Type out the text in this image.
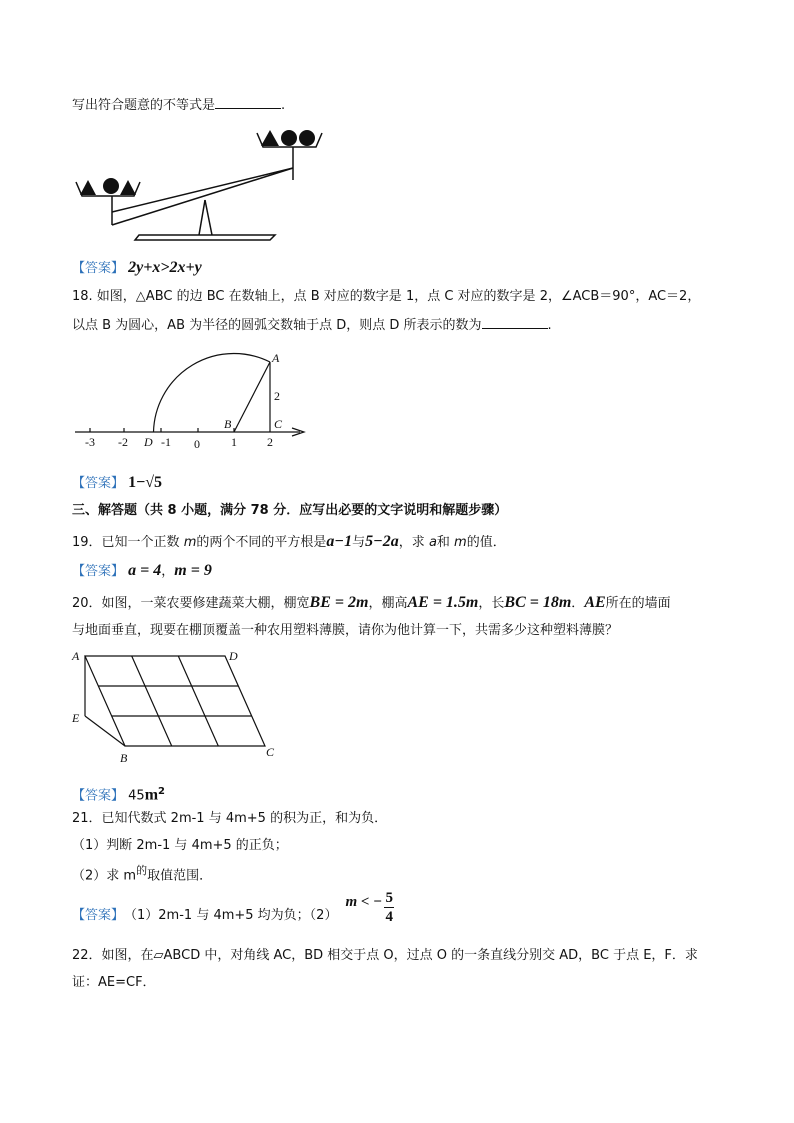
写出符合题意的不等式是	.
【答案】 2y+x>2x+y
18. 如图，△ABC 的边 BC 在数轴上，点 B 对应的数字是 1，点 C 对应的数字是 2，∠ACB＝90°，AC＝2，
以点 B 为圆心，AB 为半径的圆弧交数轴于点 D，则点 D 所表示的数为	.
-3 -2	-1 0	1	2
A
B	C
D
2
【答案】 1−√5
三、解答题（共 8 小题，满分 78 分．应写出必要的文字说明和解题步骤）
19．已知一个正数 m的两个不同的平方根是a−1与5−2a，求 a和 m的值．
【答案】 a = 4，m = 9
20．如图，一菜农要修建蔬菜大棚，棚宽BE = 2m，棚高AE = 1.5m，长BC = 18m．AE所在的墙面
与地面垂直，现要在棚顶覆盖一种农用塑料薄膜，请你为他计算一下，共需多少这种塑料薄膜？
A	D
E
B	C
【答案】 $45m^2$
21．已知代数式 2m-1 与 4m+5 的积为正，和为负．
（1）判断 2m-1 与 4m+5 的正负；
（2）求 $m^的$取值范围．
【答案】 （1）2m-1 与 4m+5 均为负；（2）
m < − $\frac{5}{4}$
22．如图，在▱ABCD 中，对角线 AC，BD 相交于点 O，过点 O 的一条直线分别交 AD，BC 于点 E，F．求
证：AE=CF．
